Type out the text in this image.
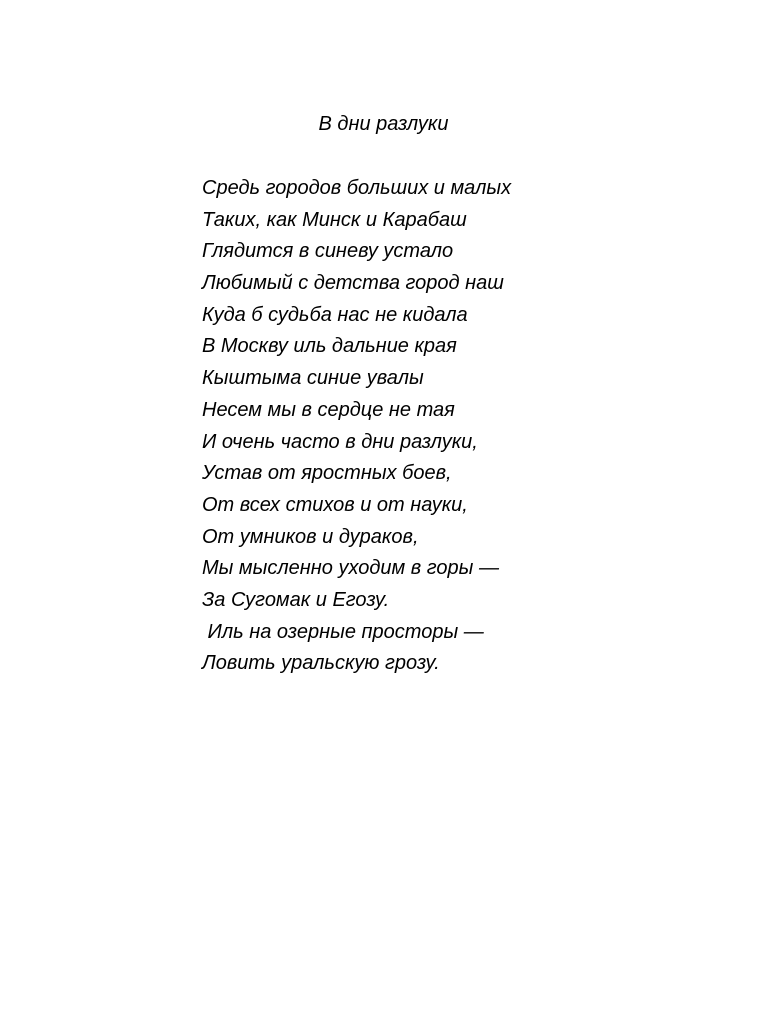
В дни разлуки
Средь городов больших и малых
Таких, как Минск и Карабаш
Глядится в синеву устало
Любимый с детства город наш
Куда б судьба нас не кидала
В Москву иль дальние края
Кыштыма синие увалы
Несем мы в сердце не тая
И очень часто в дни разлуки,
Устав от яростных боев,
От всех стихов и от науки,
От умников и дураков,
Мы мысленно уходим в горы —
За Сугомак и Егозу.
Иль на озерные просторы —
Ловить уральскую грозу.
